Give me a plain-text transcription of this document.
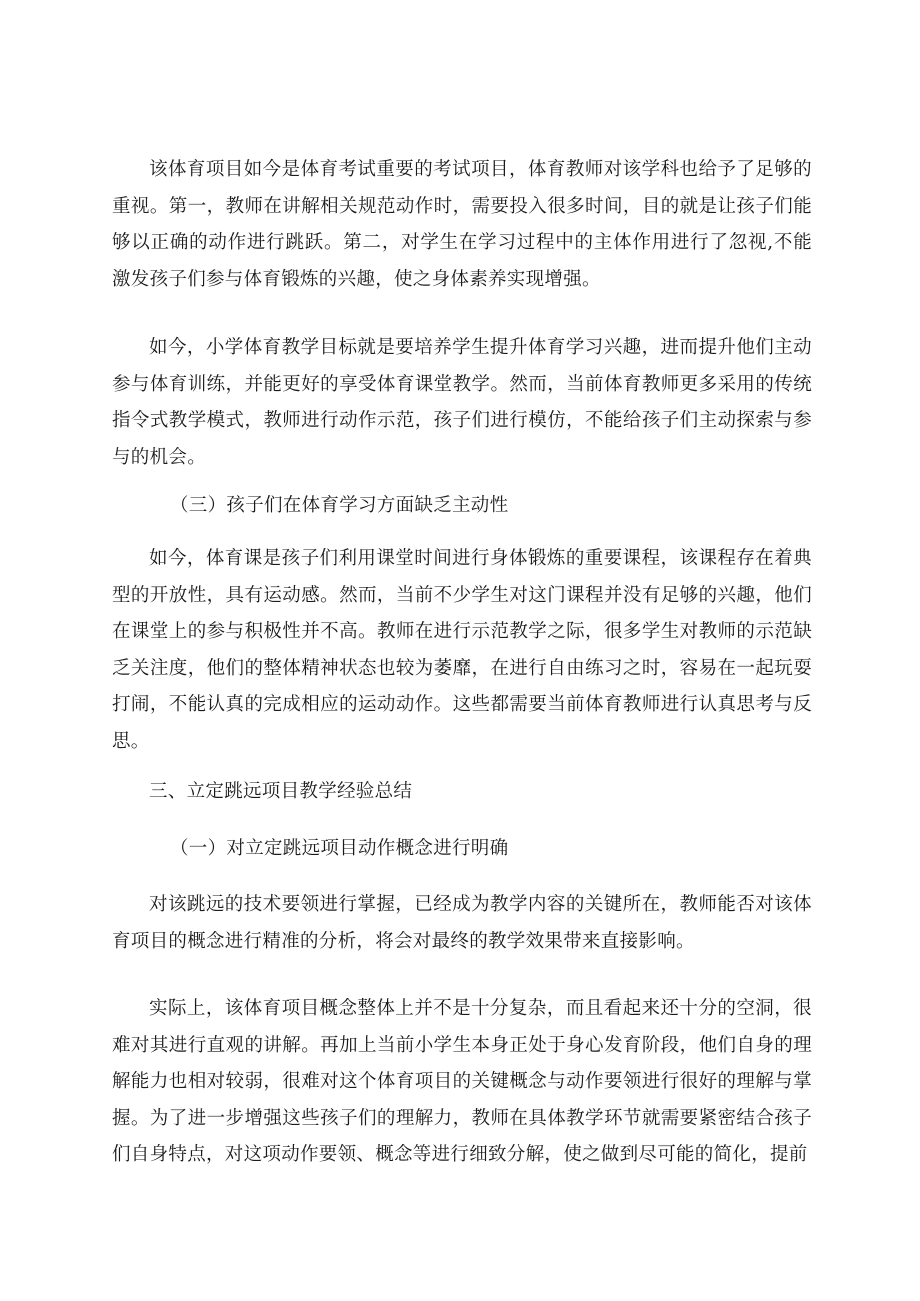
该体育项目如今是体育考试重要的考试项目，体育教师对该学科也给予了足够的重视。第一，教师在讲解相关规范动作时，需要投入很多时间，目的就是让孩子们能够以正确的动作进行跳跃。第二，对学生在学习过程中的主体作用进行了忽视,不能激发孩子们参与体育锻炼的兴趣，使之身体素养实现增强。

如今，小学体育教学目标就是要培养学生提升体育学习兴趣，进而提升他们主动参与体育训练，并能更好的享受体育课堂教学。然而，当前体育教师更多采用的传统指令式教学模式，教师进行动作示范，孩子们进行模仿，不能给孩子们主动探索与参与的机会。

（三）孩子们在体育学习方面缺乏主动性

如今，体育课是孩子们利用课堂时间进行身体锻炼的重要课程，该课程存在着典型的开放性，具有运动感。然而，当前不少学生对这门课程并没有足够的兴趣，他们在课堂上的参与积极性并不高。教师在进行示范教学之际，很多学生对教师的示范缺乏关注度，他们的整体精神状态也较为萎靡，在进行自由练习之时，容易在一起玩耍打闹，不能认真的完成相应的运动动作。这些都需要当前体育教师进行认真思考与反思。

三、立定跳远项目教学经验总结

（一）对立定跳远项目动作概念进行明确

对该跳远的技术要领进行掌握，已经成为教学内容的关键所在，教师能否对该体育项目的概念进行精准的分析，将会对最终的教学效果带来直接影响。

实际上，该体育项目概念整体上并不是十分复杂，而且看起来还十分的空洞，很难对其进行直观的讲解。再加上当前小学生本身正处于身心发育阶段，他们自身的理解能力也相对较弱，很难对这个体育项目的关键概念与动作要领进行很好的理解与掌握。为了进一步增强这些孩子们的理解力，教师在具体教学环节就需要紧密结合孩子们自身特点，对这项动作要领、概念等进行细致分解，使之做到尽可能的简化，提前
